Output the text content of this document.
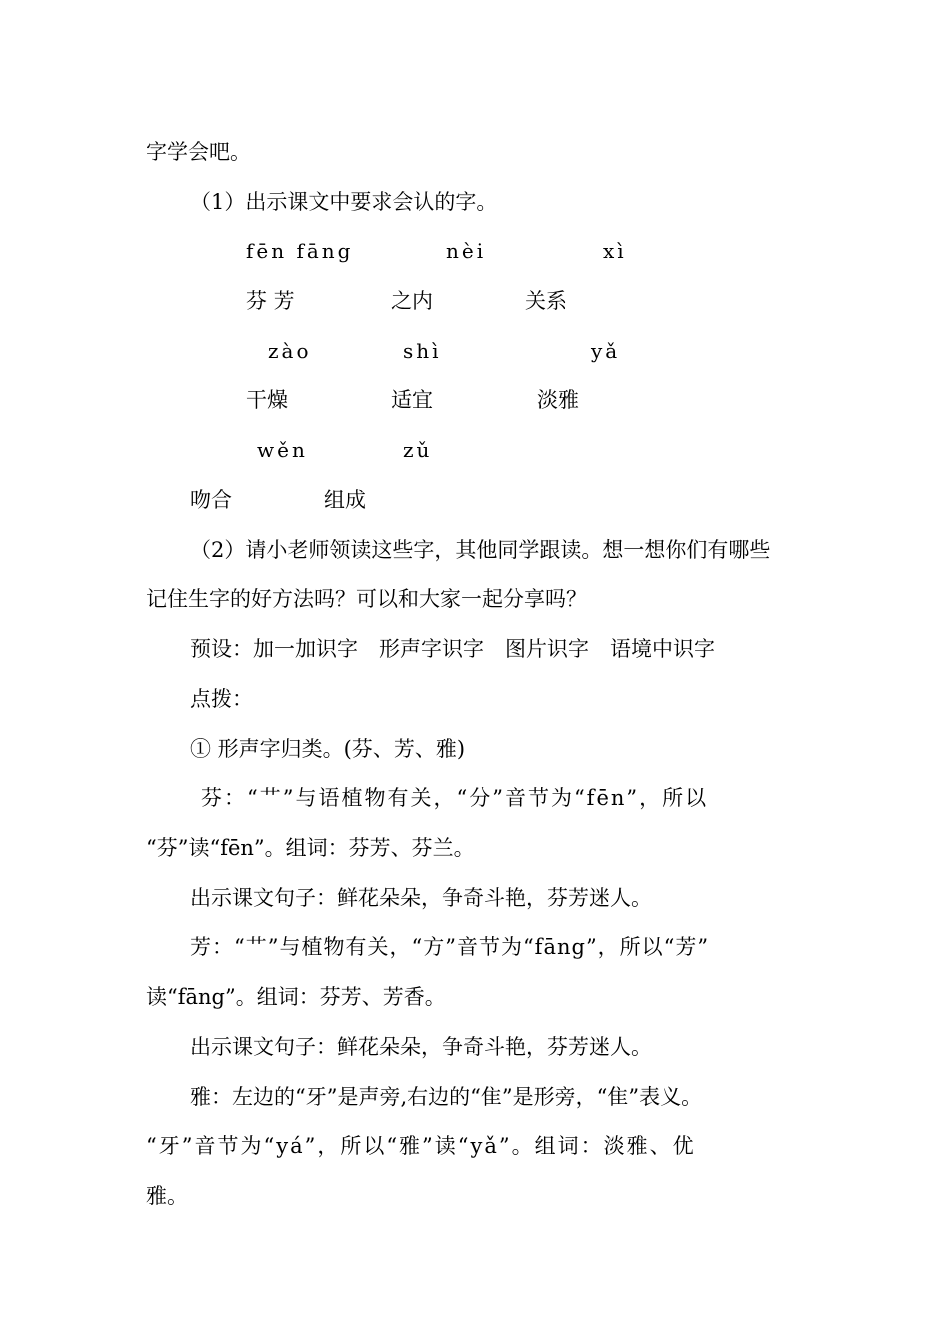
字学会吧。
（1）出示课文中要求会认的字。
fēn fāng	nèi	xì
芬 芳	之内	关系
zào	shì	yǎ
干燥	适宜	淡雅
wěn	zǔ
吻合	组成
（2）请小老师领读这些字，其他同学跟读。想一想你们有哪些
记住生字的好方法吗？可以和大家一起分享吗？
预设：加一加识字　形声字识字　图片识字　语境中识字
点拨：
① 形声字归类。(芬、芳、雅)
芬：“艹”与语植物有关，“分”音节为“fēn”，所以
“芬”读“fēn”。组词：芬芳、芬兰。
出示课文句子：鲜花朵朵，争奇斗艳，芬芳迷人。
芳：“艹”与植物有关，“方”音节为“fāng”，所以“芳”
读“fāng”。组词：芬芳、芳香。
出示课文句子：鲜花朵朵，争奇斗艳，芬芳迷人。
雅：左边的“牙”是声旁,右边的“隹”是形旁，“隹”表义。
“牙”音节为“yá”，所以“雅”读“yǎ”。组词：淡雅、优
雅。
